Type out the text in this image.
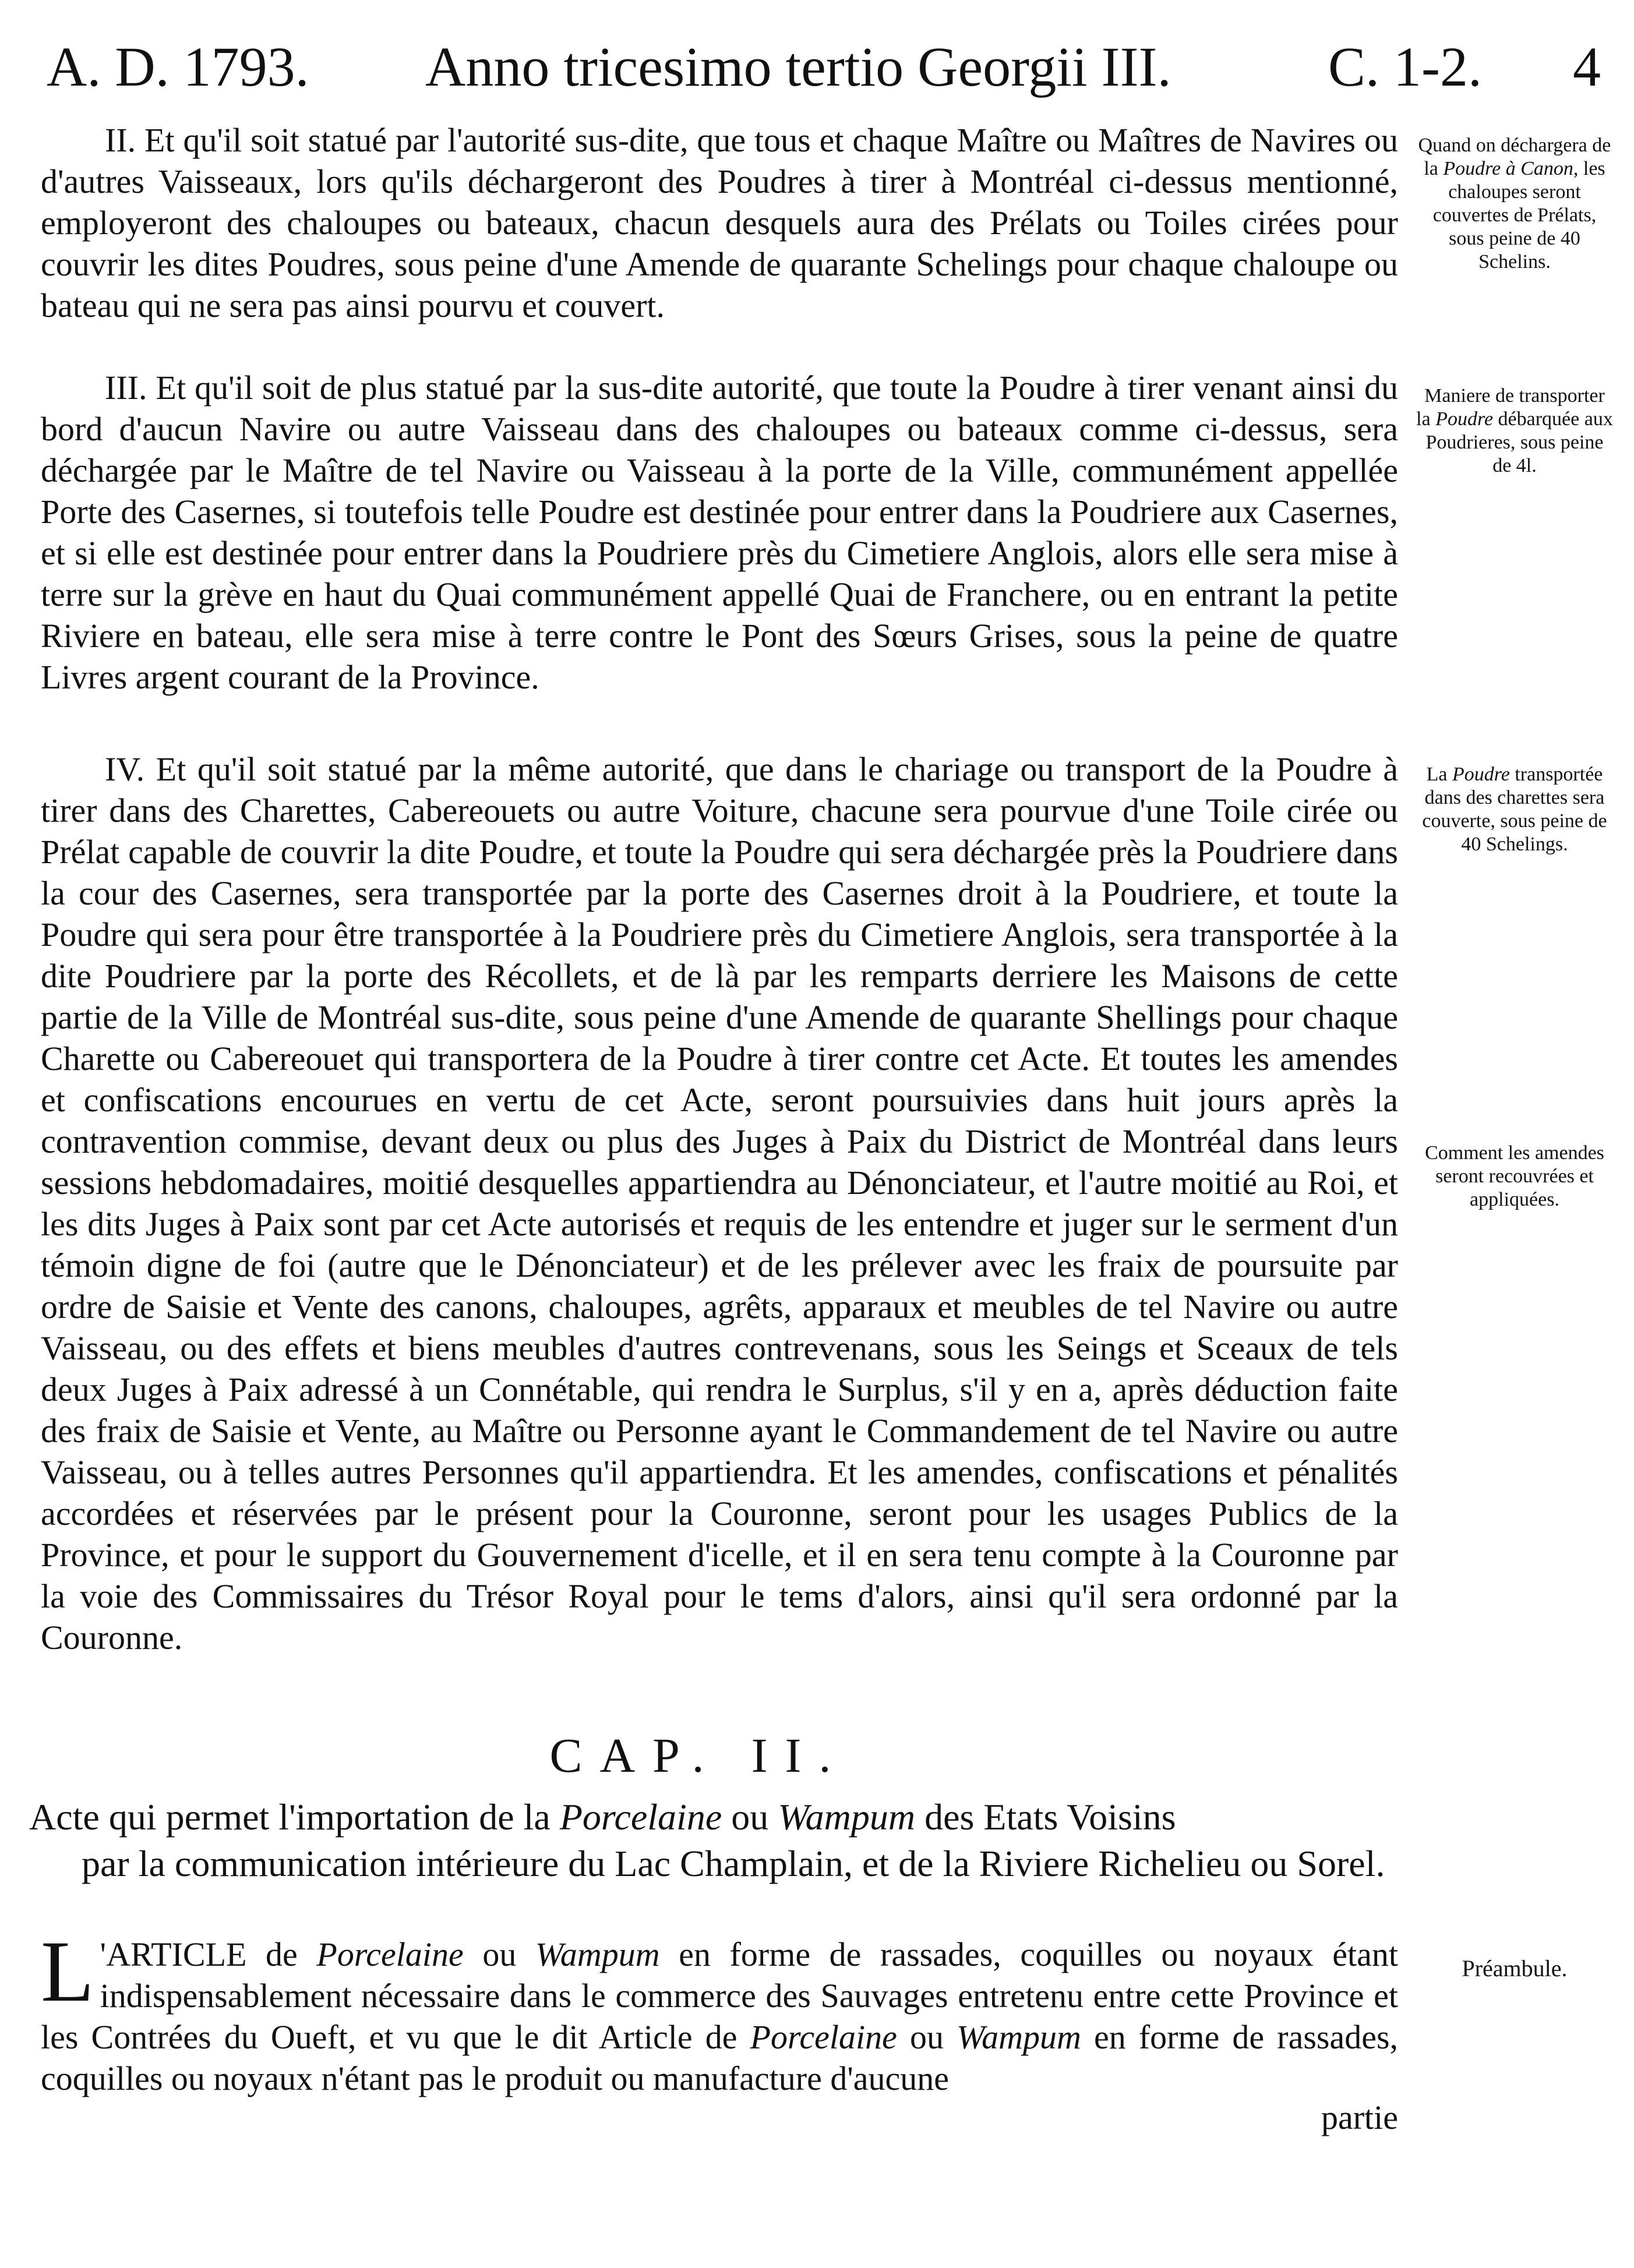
A. D. 1793. Anno tricesimo tertio Georgii III.	C. 1-2. 4

II. Et qu'il soit statué par l'autorité sus-dite, que tous et chaque Maître ou Maîtres de Navires ou d'autres Vaisseaux, lors qu'ils déchargeront des Poudres à tirer à Montréal ci-dessus mentionné, employeront des chaloupes ou bateaux, chacun desquels aura des Prélats ou Toiles cirées pour couvrir les dites Poudres, sous peine d'une Amende de quarante Schelings pour chaque chaloupe ou bateau qui ne sera pas ainsi pourvu et couvert.

III. Et qu'il soit de plus statué par la sus-dite autorité, que toute la Poudre à tirer venant ainsi du bord d'aucun Navire ou autre Vaisseau dans des chaloupes ou bateaux comme ci-dessus, sera déchargée par le Maître de tel Navire ou Vaisseau à la porte de la Ville, communément appellée Porte des Casernes, si toutefois telle Poudre est destinée pour entrer dans la Poudriere aux Casernes, et si elle est destinée pour entrer dans la Poudriere près du Cimetiere Anglois, alors elle sera mise à terre sur la grève en haut du Quai communément appellé Quai de Franchere, ou en entrant la petite Riviere en bateau, elle sera mise à terre contre le Pont des Sœurs Grises, sous la peine de quatre Livres argent courant de la Province.

IV. Et qu'il soit statué par la même autorité, que dans le chariage ou transport de la Poudre à tirer dans des Charettes, Cabereouets ou autre Voiture, chacune sera pourvue d'une Toile cirée ou Prélat capable de couvrir la dite Poudre, et toute la Poudre qui sera déchargée près la Poudriere dans la cour des Casernes, sera transportée par la porte des Casernes droit à la Poudriere, et toute la Poudre qui sera pour être transportée à la Poudriere près du Cimetiere Anglois, sera transportée à la dite Poudriere par la porte des Récollets, et de là par les remparts derriere les Maisons de cette partie de la Ville de Montréal sus-dite, sous peine d'une Amende de quarante Shellings pour chaque Charette ou Cabereouet qui transportera de la Poudre à tirer contre cet Acte. Et toutes les amendes et confiscations encourues en vertu de cet Acte, seront poursuivies dans huit jours après la contravention commise, devant deux ou plus des Juges à Paix du District de Montréal dans leurs sessions hebdomadaires, moitié desquelles appartiendra au Dénonciateur, et l'autre moitié au Roi, et les dits Juges à Paix sont par cet Acte autorisés et requis de les entendre et juger sur le serment d'un témoin digne de foi (autre que le Dénonciateur) et de les prélever avec les fraix de poursuite par ordre de Saisie et Vente des canons, chaloupes, agrêts, apparaux et meubles de tel Navire ou autre Vaisseau, ou des effets et biens meubles d'autres contrevenans, sous les Seings et Sceaux de tels deux Juges à Paix adressé à un Connétable, qui rendra le Surplus, s'il y en a, après déduction faite des fraix de Saisie et Vente, au Maître ou Personne ayant le Commandement de tel Navire ou autre Vaisseau, ou à telles autres Personnes qu'il appartiendra. Et les amendes, confiscations et pénalités accordées et réservées par le présent pour la Couronne, seront pour les usages Publics de la Province, et pour le support du Gouvernement d'icelle, et il en sera tenu compte à la Couronne par la voie des Commissaires du Trésor Royal pour le tems d'alors, ainsi qu'il sera ordonné par la Couronne.

CAP. II.
Acte qui permet l'importation de la Porcelaine ou Wampum des Etats Voisins
par la communication intérieure du Lac Champlain, et de la Riviere Richelieu ou Sorel.
L 'ARTICLE de Porcelaine ou Wampum en forme de rassades, coquilles ou noyaux étant indispensablement nécessaire dans le commerce des Sauvages entretenu entre cette Province et les Contrées du Oueft, et vu que le dit Article de Porcelaine ou Wampum en forme de rassades, coquilles ou noyaux n'étant pas le produit ou manufacture d'aucune
partie
Quand on déchargera de la Poudre à Canon, les chaloupes seront couvertes de Prélats, sous peine de 40 Schelins.
Maniere de transporter la Poudre débarquée aux Poudrieres, sous peine de 4l.
La Poudre transportée dans des charettes sera couverte, sous peine de 40 Schelings.
Comment les amendes seront recouvrées et appliquées.
Préambule.
